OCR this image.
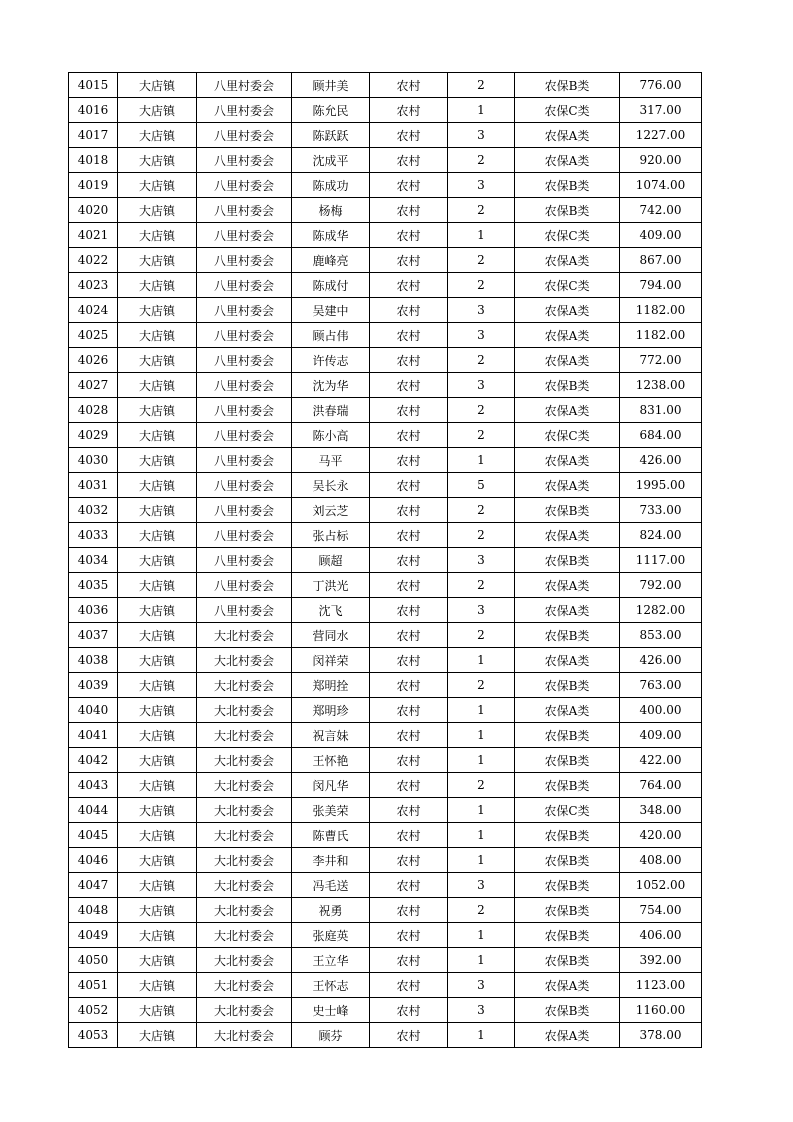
4015	大店镇	八里村委会	顾井美	农村	2	农保B类	776.00
4016	大店镇	八里村委会	陈允民	农村	1	农保C类	317.00
4017	大店镇	八里村委会	陈跃跃	农村	3	农保A类	1227.00
4018	大店镇	八里村委会	沈成平	农村	2	农保A类	920.00
4019	大店镇	八里村委会	陈成功	农村	3	农保B类	1074.00
4020	大店镇	八里村委会	杨梅	农村	2	农保B类	742.00
4021	大店镇	八里村委会	陈成华	农村	1	农保C类	409.00
4022	大店镇	八里村委会	鹿峰亮	农村	2	农保A类	867.00
4023	大店镇	八里村委会	陈成付	农村	2	农保C类	794.00
4024	大店镇	八里村委会	吴建中	农村	3	农保A类	1182.00
4025	大店镇	八里村委会	顾占伟	农村	3	农保A类	1182.00
4026	大店镇	八里村委会	许传志	农村	2	农保A类	772.00
4027	大店镇	八里村委会	沈为华	农村	3	农保B类	1238.00
4028	大店镇	八里村委会	洪春瑞	农村	2	农保A类	831.00
4029	大店镇	八里村委会	陈小高	农村	2	农保C类	684.00
4030	大店镇	八里村委会	马平	农村	1	农保A类	426.00
4031	大店镇	八里村委会	吴长永	农村	5	农保A类	1995.00
4032	大店镇	八里村委会	刘云芝	农村	2	农保B类	733.00
4033	大店镇	八里村委会	张占标	农村	2	农保A类	824.00
4034	大店镇	八里村委会	顾超	农村	3	农保B类	1117.00
4035	大店镇	八里村委会	丁洪光	农村	2	农保A类	792.00
4036	大店镇	八里村委会	沈飞	农村	3	农保A类	1282.00
4037	大店镇	大北村委会	营同水	农村	2	农保B类	853.00
4038	大店镇	大北村委会	闵祥荣	农村	1	农保A类	426.00
4039	大店镇	大北村委会	郑明拴	农村	2	农保B类	763.00
4040	大店镇	大北村委会	郑明珍	农村	1	农保A类	400.00
4041	大店镇	大北村委会	祝言妹	农村	1	农保B类	409.00
4042	大店镇	大北村委会	王怀艳	农村	1	农保B类	422.00
4043	大店镇	大北村委会	闵凡华	农村	2	农保B类	764.00
4044	大店镇	大北村委会	张美荣	农村	1	农保C类	348.00
4045	大店镇	大北村委会	陈曹氏	农村	1	农保B类	420.00
4046	大店镇	大北村委会	李井和	农村	1	农保B类	408.00
4047	大店镇	大北村委会	冯毛送	农村	3	农保B类	1052.00
4048	大店镇	大北村委会	祝勇	农村	2	农保B类	754.00
4049	大店镇	大北村委会	张庭英	农村	1	农保B类	406.00
4050	大店镇	大北村委会	王立华	农村	1	农保B类	392.00
4051	大店镇	大北村委会	王怀志	农村	3	农保A类	1123.00
4052	大店镇	大北村委会	史士峰	农村	3	农保B类	1160.00
4053	大店镇	大北村委会	顾芬	农村	1	农保A类	378.00
